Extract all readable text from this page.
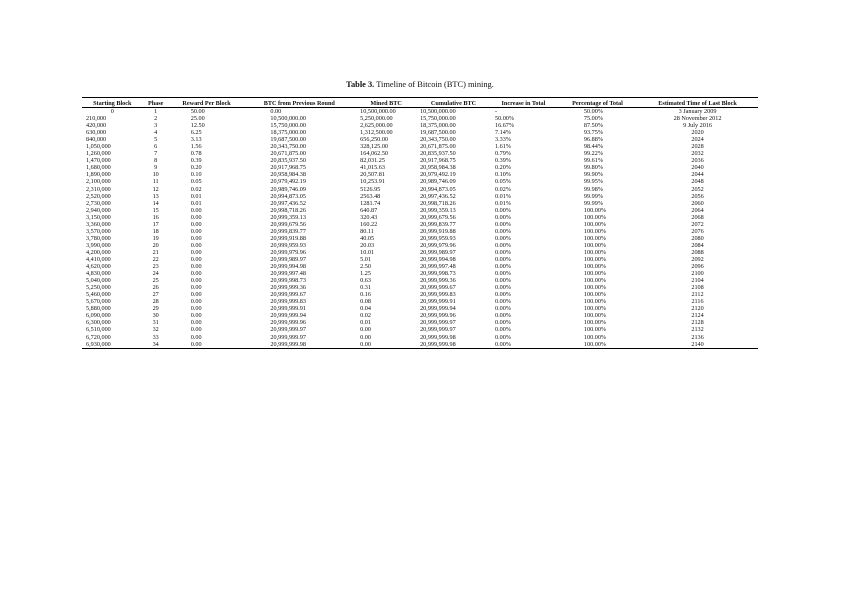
Table 3. Timeline of Bitcoin (BTC) mining.
Starting Block	Phase	Reward Per Block	BTC from Previous Round	Mined BTC	Cumulative BTC	Increase in Total	Percentage of Total	Estimated Time of Last Block
0	1	50.00	0.00	10,500,000.00	10,500,000.00	-	50.00%	3 January 2009
210,000	2	25.00	10,500,000.00	5,250,000.00	15,750,000.00	50.00%	75.00%	28 November 2012
420,000	3	12.50	15,750,000.00	2,625,000.00	18,375,000.00	16.67%	87.50%	9 July 2016
630,000	4	6.25	18,375,000.00	1,312,500.00	19,687,500.00	7.14%	93.75%	2020
840,000	5	3.13	19,687,500.00	656,250.00	20,343,750.00	3.33%	96.88%	2024
1,050,000	6	1.56	20,343,750.00	328,125.00	20,671,875.00	1.61%	98.44%	2028
1,260,000	7	0.78	20,671,875.00	164,062.50	20,835,937.50	0.79%	99.22%	2032
1,470,000	8	0.39	20,835,937.50	82,031.25	20,917,968.75	0.39%	99.61%	2036
1,680,000	9	0.20	20,917,968.75	41,015.63	20,958,984.38	0.20%	99.80%	2040
1,890,000	10	0.10	20,958,984.38	20,507.81	20,979,492.19	0.10%	99.90%	2044
2,100,000	11	0.05	20,979,492.19	10,253.91	20,989,746.09	0.05%	99.95%	2048
2,310,000	12	0.02	20,989,746.09	5126.95	20,994,873.05	0.02%	99.98%	2052
2,520,000	13	0.01	20,994,873.05	2563.48	20,997,436.52	0.01%	99.99%	2056
2,730,000	14	0.01	20,997,436.52	1281.74	20,998,718.26	0.01%	99.99%	2060
2,940,000	15	0.00	20,998,718.26	640.87	20,999,359.13	0.00%	100.00%	2064
3,150,000	16	0.00	20,999,359.13	320.43	20,999,679.56	0.00%	100.00%	2068
3,360,000	17	0.00	20,999,679.56	160.22	20,999,839.77	0.00%	100.00%	2072
3,570,000	18	0.00	20,999,839.77	80.11	20,999,919.88	0.00%	100.00%	2076
3,780,000	19	0.00	20,999,919.88	40.05	20,999,959.93	0.00%	100.00%	2080
3,990,000	20	0.00	20,999,959.93	20.03	20,999,979.96	0.00%	100.00%	2084
4,200,000	21	0.00	20,999,979.96	10.01	20,999,989.97	0.00%	100.00%	2088
4,410,000	22	0.00	20,999,989.97	5.01	20,999,994.98	0.00%	100.00%	2092
4,620,000	23	0.00	20,999,994.98	2.50	20,999,997.48	0.00%	100.00%	2096
4,830,000	24	0.00	20,999,997.48	1.25	20,999,998.73	0.00%	100.00%	2100
5,040,000	25	0.00	20,999,998.73	0.63	20,999,999.36	0.00%	100.00%	2104
5,250,000	26	0.00	20,999,999.36	0.31	20,999,999.67	0.00%	100.00%	2108
5,460,000	27	0.00	20,999,999.67	0.16	20,999,999.83	0.00%	100.00%	2112
5,670,000	28	0.00	20,999,999.83	0.08	20,999,999.91	0.00%	100.00%	2116
5,880,000	29	0.00	20,999,999.91	0.04	20,999,999.94	0.00%	100.00%	2120
6,090,000	30	0.00	20,999,999.94	0.02	20,999,999.96	0.00%	100.00%	2124
6,300,000	31	0.00	20,999,999.96	0.01	20,999,999.97	0.00%	100.00%	2128
6,510,000	32	0.00	20,999,999.97	0.00	20,999,999.97	0.00%	100.00%	2132
6,720,000	33	0.00	20,999,999.97	0.00	20,999,999.98	0.00%	100.00%	2136
6,930,000	34	0.00	20,999,999.98	0.00	20,999,999.98	0.00%	100.00%	2140
